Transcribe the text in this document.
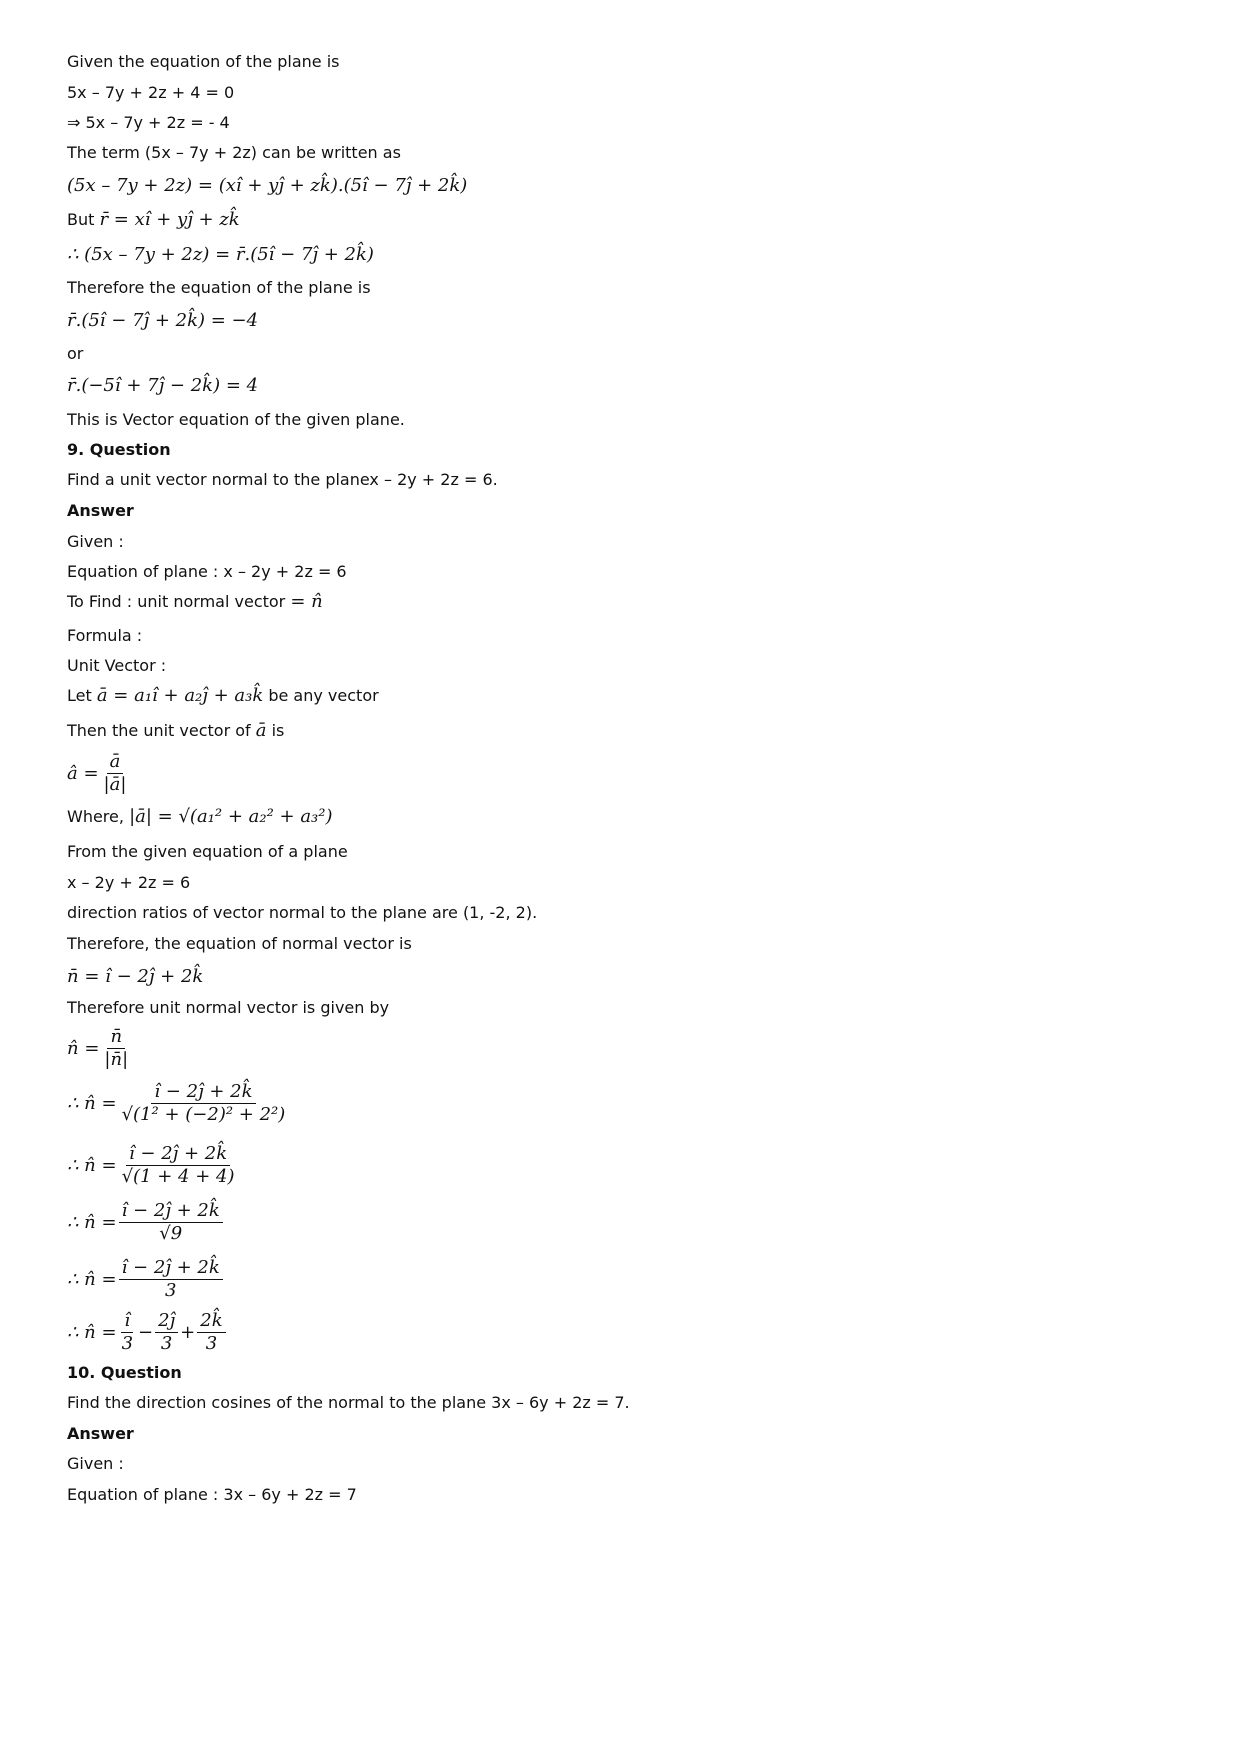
Given the equation of the plane is
5x – 7y + 2z + 4 = 0
⇒ 5x – 7y + 2z = - 4
The term (5x – 7y + 2z) can be written as
(5x – 7y + 2z) = (xî + yĵ + zk̂).(5î − 7ĵ + 2k̂)
But r̄ = xî + yĵ + zk̂
∴ (5x – 7y + 2z) = r̄.(5î − 7ĵ + 2k̂)
Therefore the equation of the plane is
r̄.(5î − 7ĵ + 2k̂) = −4
or
r̄.(−5î + 7ĵ − 2k̂) = 4
This is Vector equation of the given plane.
9. Question
Find a unit vector normal to the planex – 2y + 2z = 6.
Answer
Given :
Equation of plane : x – 2y + 2z = 6
To Find : unit normal vector = n̂
Formula :
Unit Vector :
Let ā = a₁î + a₂ĵ + a₃k̂ be any vector
Then the unit vector of ā is
â = $\frac{ā}{|ā|}$
Where, |ā| = √(a₁² + a₂² + a₃²)
From the given equation of a plane
x – 2y + 2z = 6
direction ratios of vector normal to the plane are (1, -2, 2).
Therefore, the equation of normal vector is
n̄ = î − 2ĵ + 2k̂
Therefore unit normal vector is given by
n̂ = $\frac{n̄}{|n̄|}$
∴ n̂ = $\frac{î - 2ĵ + 2k̂}{\text{√(1² + (−2)² + 2²)}}$
∴ n̂ = $\frac{î - 2ĵ + 2k̂}{√(1 + 4 + 4)}$
∴ n̂ = $\frac{î - 2ĵ + 2k̂}{√9}$
∴ n̂ = $\frac{î - 2ĵ + 2k̂}{3}$
∴ n̂ = $\frac{î}{3} - \frac{2ĵ}{3} + \frac{2k̂}{3}$
10. Question
Find the direction cosines of the normal to the plane 3x – 6y + 2z = 7.
Answer
Given :
Equation of plane : 3x – 6y + 2z = 7
